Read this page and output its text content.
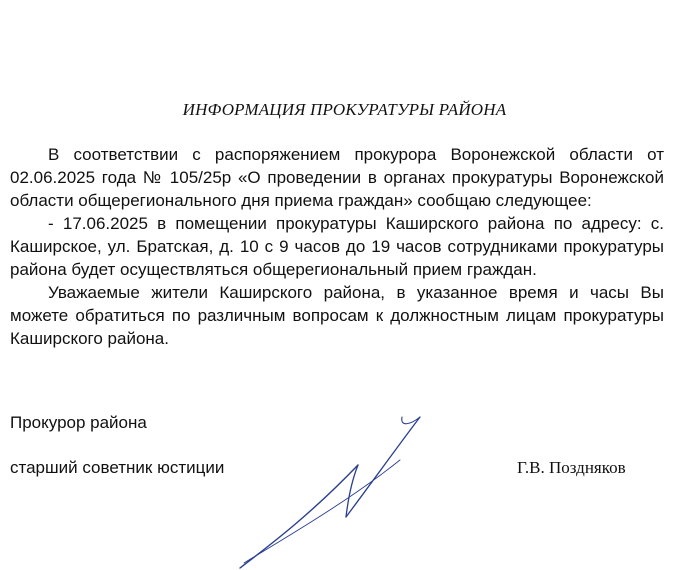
ИНФОРМАЦИЯ ПРОКУРАТУРЫ РАЙОНА

В соответствии с распоряжением прокурора Воронежской области от 02.06.2025 года № 105/25р «О проведении в органах прокуратуры Воронежской области общерегионального дня приема граждан» сообщаю следующее:

- 17.06.2025 в помещении прокуратуры Каширского района по адресу: с. Каширское, ул. Братская, д. 10 с 9 часов до 19 часов сотрудниками прокуратуры района будет осуществляться общерегиональный прием граждан.

Уважаемые жители Каширского района, в указанное время и часы Вы можете обратиться по различным вопросам к должностным лицам прокуратуры Каширского района.

Прокурор района
старший советник юстиции	Г.В. Поздняков
